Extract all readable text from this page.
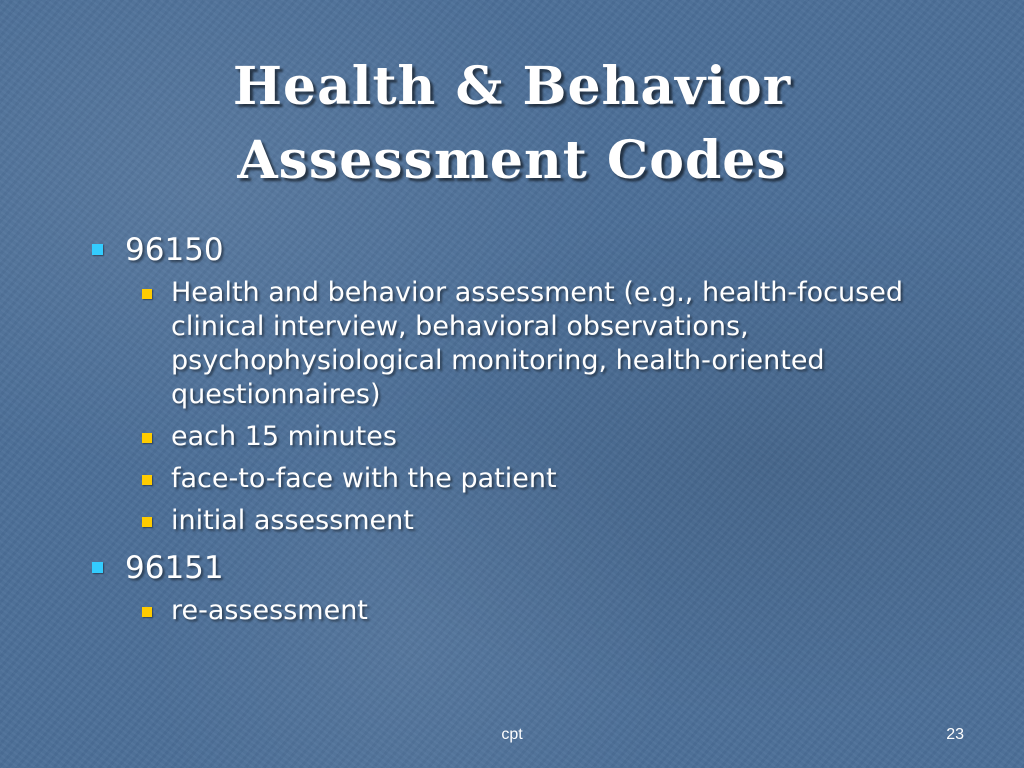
Health & Behavior
Assessment Codes
96150
Health and behavior assessment (e.g., health-focused clinical interview, behavioral observations, psychophysiological monitoring, health-oriented questionnaires)
each 15 minutes
face-to-face with the patient
initial assessment
96151
re-assessment
cpt	23
